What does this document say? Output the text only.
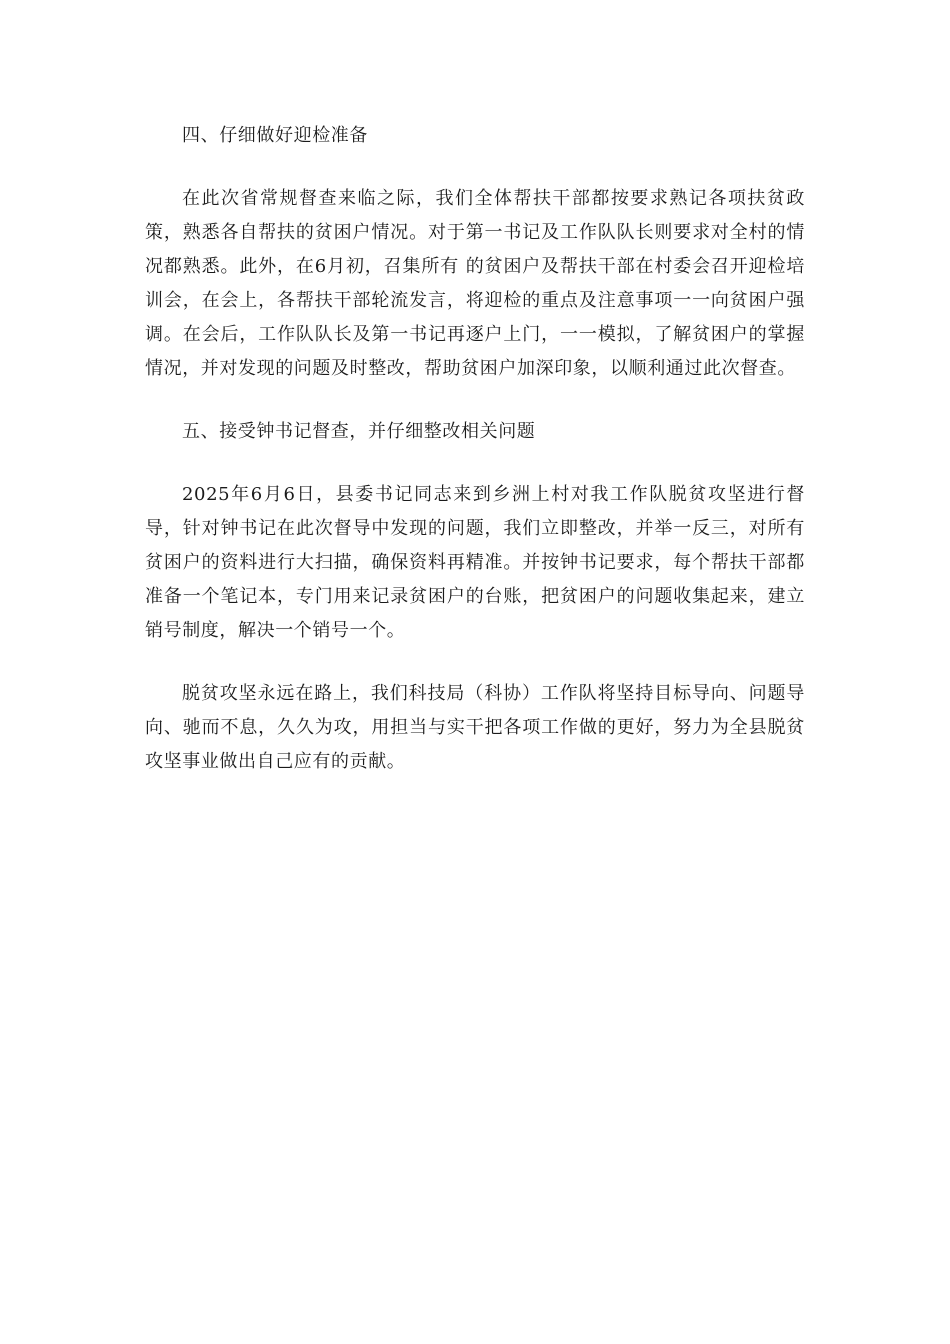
四、仔细做好迎检准备

在此次省常规督查来临之际，我们全体帮扶干部都按要求熟记各项扶贫政策，熟悉各自帮扶的贫困户情况。对于第一书记及工作队队长则要求对全村的情况都熟悉。此外，在6月初，召集所有 的贫困户及帮扶干部在村委会召开迎检培训会，在会上，各帮扶干部轮流发言，将迎检的重点及注意事项一一向贫困户强调。在会后，工作队队长及第一书记再逐户上门，一一模拟，了解贫困户的掌握情况，并对发现的问题及时整改，帮助贫困户加深印象，以顺利通过此次督查。

五、接受钟书记督查，并仔细整改相关问题

2025年6月6日，县委书记同志来到乡洲上村对我工作队脱贫攻坚进行督导，针对钟书记在此次督导中发现的问题，我们立即整改，并举一反三，对所有贫困户的资料进行大扫描，确保资料再精准。并按钟书记要求，每个帮扶干部都准备一个笔记本，专门用来记录贫困户的台账，把贫困户的问题收集起来，建立销号制度，解决一个销号一个。

脱贫攻坚永远在路上，我们科技局（科协）工作队将坚持目标导向、问题导向、驰而不息，久久为攻，用担当与实干把各项工作做的更好，努力为全县脱贫攻坚事业做出自己应有的贡献。
